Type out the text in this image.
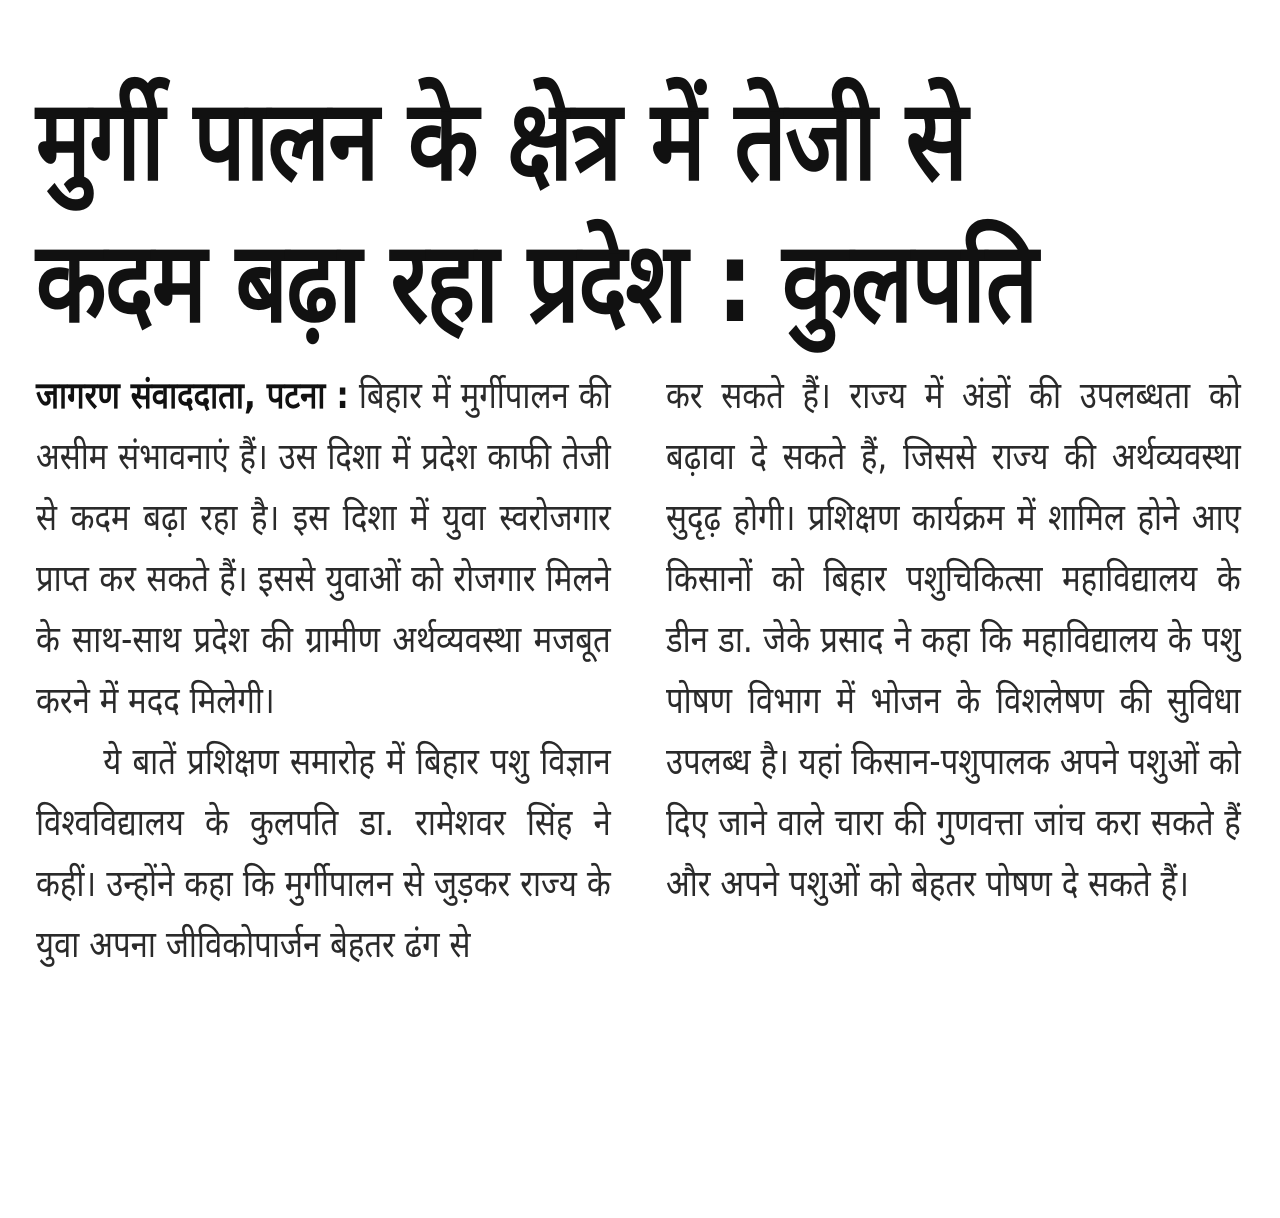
मुर्गी पालन के क्षेत्र में तेजी से
कदम बढ़ा रहा प्रदेश : कुलपति

जागरण संवाददाता, पटना : बिहार में मुर्गीपालन की असीम संभावनाएं हैं। उस दिशा में प्रदेश काफी तेजी से कदम बढ़ा रहा है। इस दिशा में युवा स्वरोजगार प्राप्त कर सकते हैं। इससे युवाओं को रोजगार मिलने के साथ-साथ प्रदेश की ग्रामीण अर्थव्यवस्था मजबूत करने में मदद मिलेगी।

ये बातें प्रशिक्षण समारोह में बिहार पशु विज्ञान विश्वविद्यालय के कुलपति डा. रामेशवर सिंह ने कहीं। उन्होंने कहा कि मुर्गीपालन से जुड़कर राज्य के युवा अपना जीविकोपार्जन बेहतर ढंग से

कर सकते हैं। राज्य में अंडों की उपलब्धता को बढ़ावा दे सकते हैं, जिससे राज्य की अर्थव्यवस्था सुदृढ़ होगी। प्रशिक्षण कार्यक्रम में शामिल होने आए किसानों को बिहार पशुचिकित्सा महाविद्यालय के डीन डा. जेके प्रसाद ने कहा कि महाविद्यालय के पशु पोषण विभाग में भोजन के विशलेषण की सुविधा उपलब्ध है। यहां किसान-पशुपालक अपने पशुओं को दिए जाने वाले चारा की गुणवत्ता जांच करा सकते हैं और अपने पशुओं को बेहतर पोषण दे सकते हैं।
